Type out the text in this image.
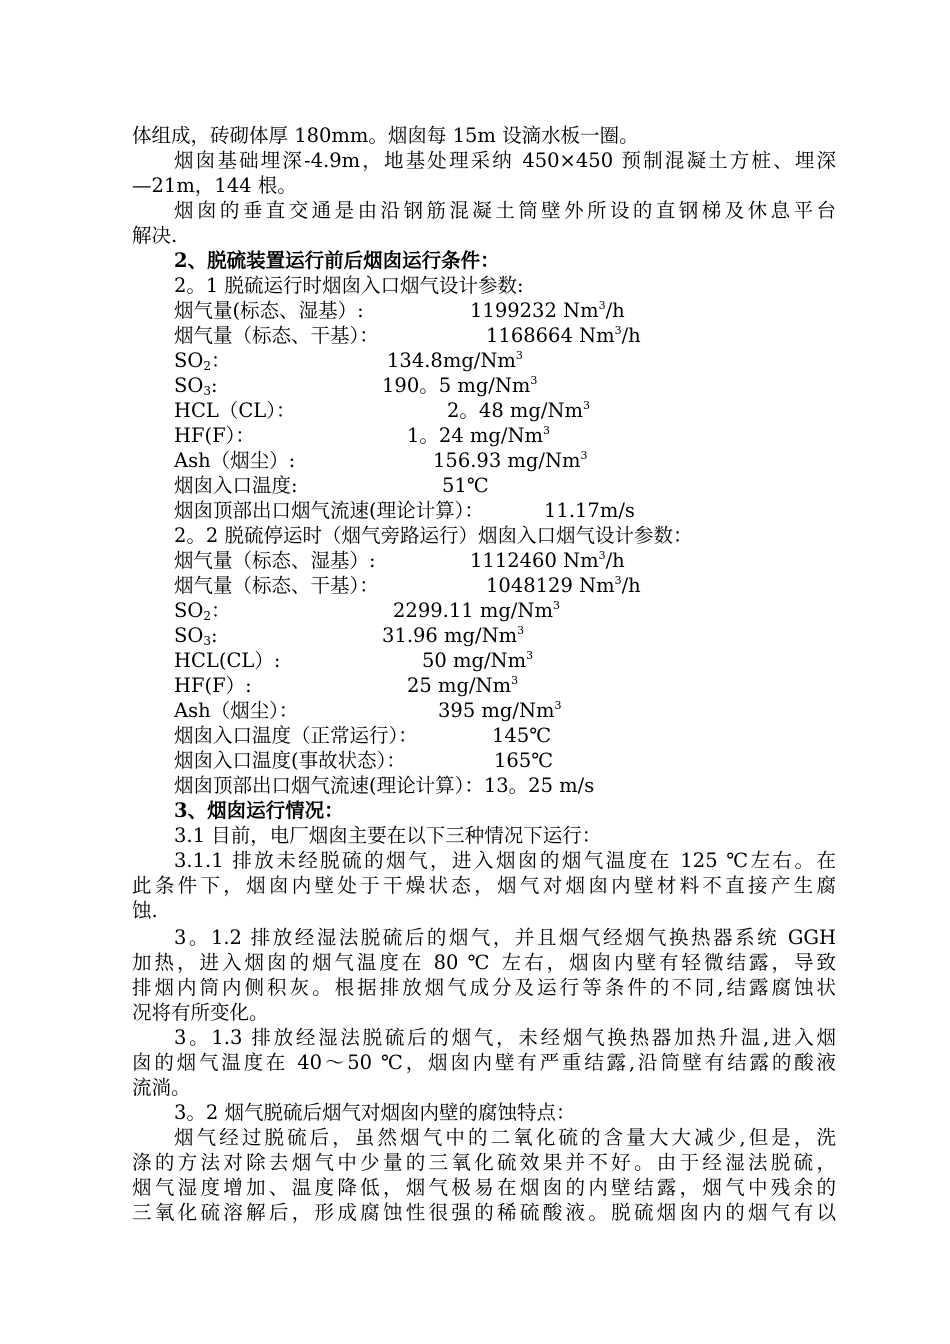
体组成，砖砌体厚 180mm。烟囱每 15m 设滴水板一圈。
烟囱基础埋深-4.9m，地基处理采纳 450×450 预制混凝土方桩、埋深
—21m，144 根。
烟囱的垂直交通是由沿钢筋混凝土筒壁外所设的直钢梯及休息平台
解决.
2、脱硫装置运行前后烟囱运行条件：
2。1 脱硫运行时烟囱入口烟气设计参数:
烟气量(标态、湿基）:	1199232 Nm$^3$/h
烟气量（标态、干基）：	1168664 Nm$^3$/h
$SO_2$：	134.8mg/Nm$^3$
$SO_3$:	190。5 mg/Nm$^3$
HCL（CL）：	2。48 mg/Nm$^3$
HF(F）：	1。24 mg/Nm$^3$
Ash（烟尘）:	156.93 mg/Nm$^3$
烟囱入口温度:	51℃
烟囱顶部出口烟气流速(理论计算）：	11.17m/s
2。2 脱硫停运时（烟气旁路运行）烟囱入口烟气设计参数：
烟气量（标态、湿基）:	1112460 Nm$^3$/h
烟气量（标态、干基）：	1048129 Nm$^3$/h
$SO_2$：	2299.11 mg/Nm$^3$
$SO_3$:	31.96 mg/Nm$^3$
HCL(CL）:	50 mg/Nm$^3$
HF(F）:	25 mg/Nm$^3$
Ash（烟尘）：	395 mg/Nm$^3$
烟囱入口温度（正常运行）：	145℃
烟囱入口温度(事故状态）：	165℃
烟囱顶部出口烟气流速(理论计算）：13。25 m/s
3、烟囱运行情况：
3.1 目前，电厂烟囱主要在以下三种情况下运行：
3.1.1 排放未经脱硫的烟气，进入烟囱的烟气温度在 125 ℃左右。在
此条件下，烟囱内壁处于干燥状态，烟气对烟囱内壁材料不直接产生腐
蚀.
3。1.2 排放经湿法脱硫后的烟气，并且烟气经烟气换热器系统 GGH
加热，进入烟囱的烟气温度在 80 ℃ 左右，烟囱内壁有轻微结露，导致
排烟内筒内侧积灰。根据排放烟气成分及运行等条件的不同,结露腐蚀状
况将有所变化。
3。1.3 排放经湿法脱硫后的烟气，未经烟气换热器加热升温,进入烟
囱的烟气温度在 40～50 ℃，烟囱内壁有严重结露,沿筒壁有结露的酸液
流淌。
3。2 烟气脱硫后烟气对烟囱内壁的腐蚀特点：
烟气经过脱硫后，虽然烟气中的二氧化硫的含量大大减少,但是，洗
涤的方法对除去烟气中少量的三氧化硫效果并不好。由于经湿法脱硫，
烟气湿度增加、温度降低，烟气极易在烟囱的内壁结露，烟气中残余的
三氧化硫溶解后，形成腐蚀性很强的稀硫酸液。脱硫烟囱内的烟气有以
